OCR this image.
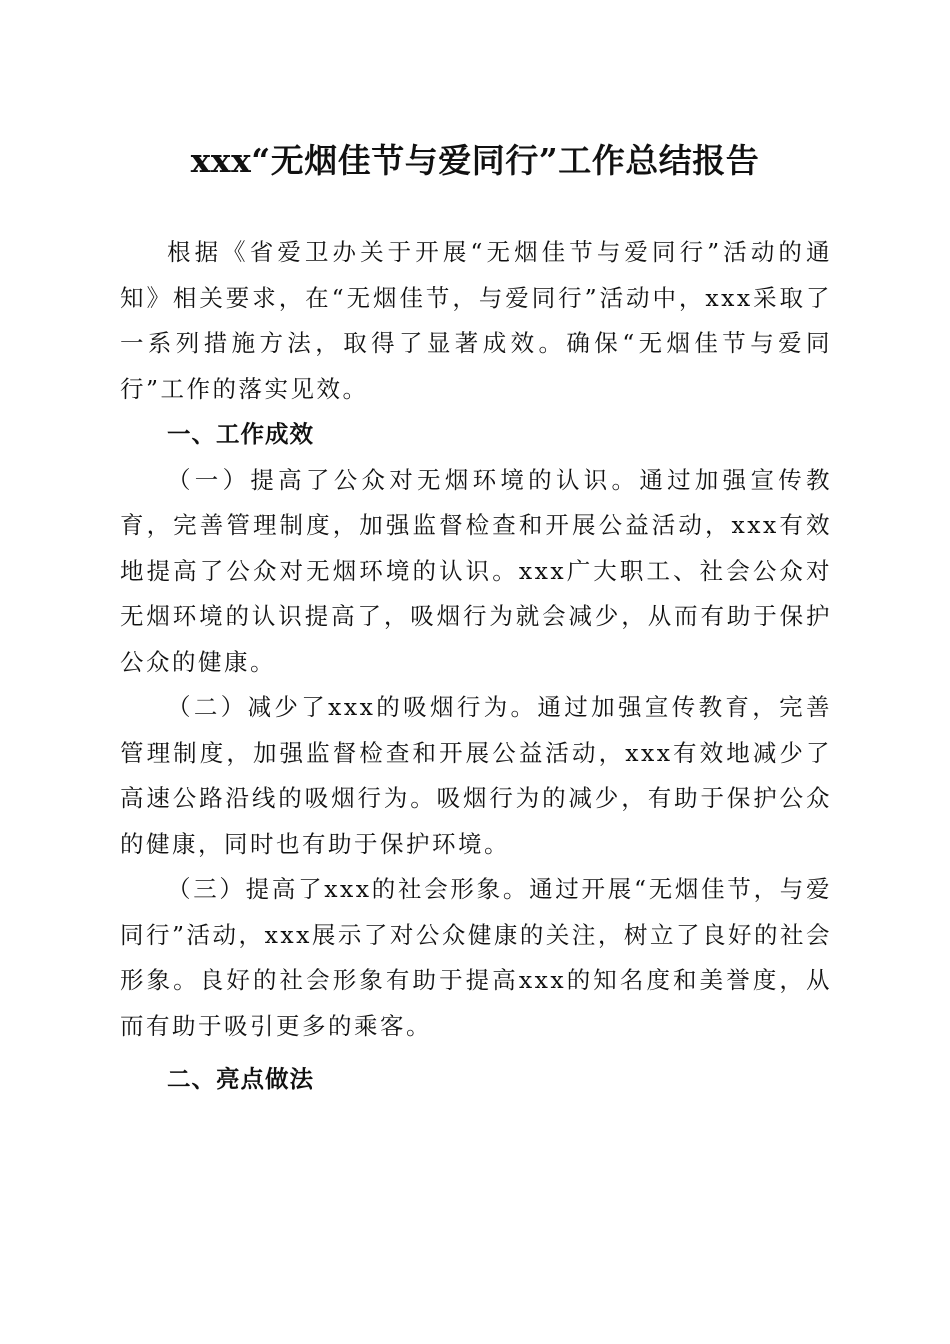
xxx“无烟佳节与爱同行”工作总结报告

根据《省爱卫办关于开展“无烟佳节与爱同行”活动的通知》相关要求，在“无烟佳节，与爱同行”活动中，xxx采取了一系列措施方法，取得了显著成效。确保“无烟佳节与爱同行”工作的落实见效。

一、工作成效

（一）提高了公众对无烟环境的认识。通过加强宣传教育，完善管理制度，加强监督检查和开展公益活动，xxx有效地提高了公众对无烟环境的认识。xxx广大职工、社会公众对无烟环境的认识提高了，吸烟行为就会减少，从而有助于保护公众的健康。

（二）减少了xxx的吸烟行为。通过加强宣传教育，完善管理制度，加强监督检查和开展公益活动，xxx有效地减少了高速公路沿线的吸烟行为。吸烟行为的减少，有助于保护公众的健康，同时也有助于保护环境。

（三）提高了xxx的社会形象。通过开展“无烟佳节，与爱同行”活动，xxx展示了对公众健康的关注，树立了良好的社会形象。良好的社会形象有助于提高xxx的知名度和美誉度，从而有助于吸引更多的乘客。

二、亮点做法
